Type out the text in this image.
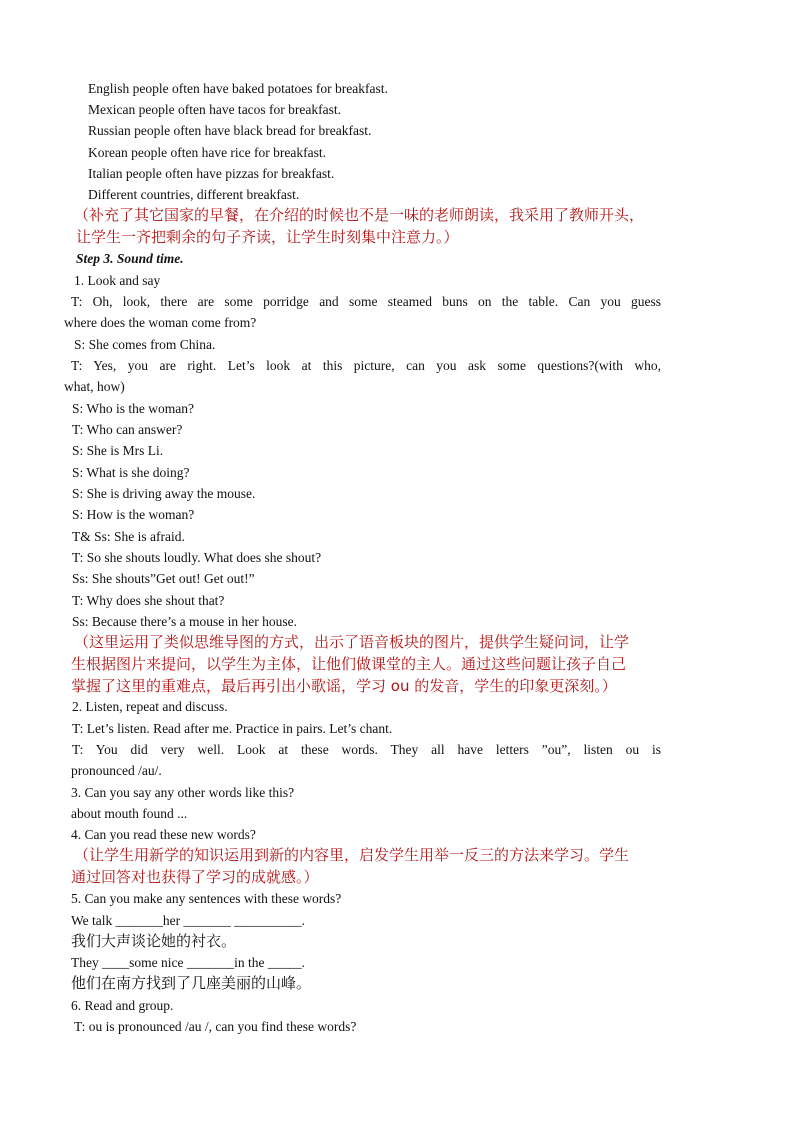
English people often have baked potatoes for breakfast.
Mexican people often have tacos for breakfast.
Russian people often have black bread for breakfast.
Korean people often have rice for breakfast.
Italian people often have pizzas for breakfast.
Different countries, different breakfast.
（补充了其它国家的早餐，在介绍的时候也不是一味的老师朗读，我采用了教师开头，
让学生一齐把剩余的句子齐读，让学生时刻集中注意力。）
Step 3. Sound time.
1. Look and say
T: Oh, look, there are some porridge and some steamed buns on the table. Can you guess
where does the woman come from?
S: She comes from China.
T: Yes, you are right. Let’s look at this picture, can you ask some questions?(with who,
what, how)
S: Who is the woman?
T: Who can answer?
S: She is Mrs Li.
S: What is she doing?
S: She is driving away the mouse.
S: How is the woman?
T& Ss: She is afraid.
T: So she shouts loudly. What does she shout?
Ss: She shouts”Get out! Get out!”
T: Why does she shout that?
Ss: Because there’s a mouse in her house.
（这里运用了类似思维导图的方式，出示了语音板块的图片，提供学生疑问词，让学
生根据图片来提问，以学生为主体，让他们做课堂的主人。通过这些问题让孩子自己
掌握了这里的重难点，最后再引出小歌谣，学习 ou 的发音，学生的印象更深刻。）
2. Listen, repeat and discuss.
T: Let’s listen. Read after me. Practice in pairs. Let’s chant.
T: You did very well. Look at these words. They all have letters ”ou”, listen ou is
pronounced /au/.
3. Can you say any other words like this?
about mouth found ...
4. Can you read these new words?
（让学生用新学的知识运用到新的内容里，启发学生用举一反三的方法来学习。学生
通过回答对也获得了学习的成就感。）
5. Can you make any sentences with these words?
We talk _______her _______ __________.
我们大声谈论她的衬衣。
They ____some nice _______in the _____.
他们在南方找到了几座美丽的山峰。
6. Read and group.
T: ou is pronounced /au /, can you find these words?
